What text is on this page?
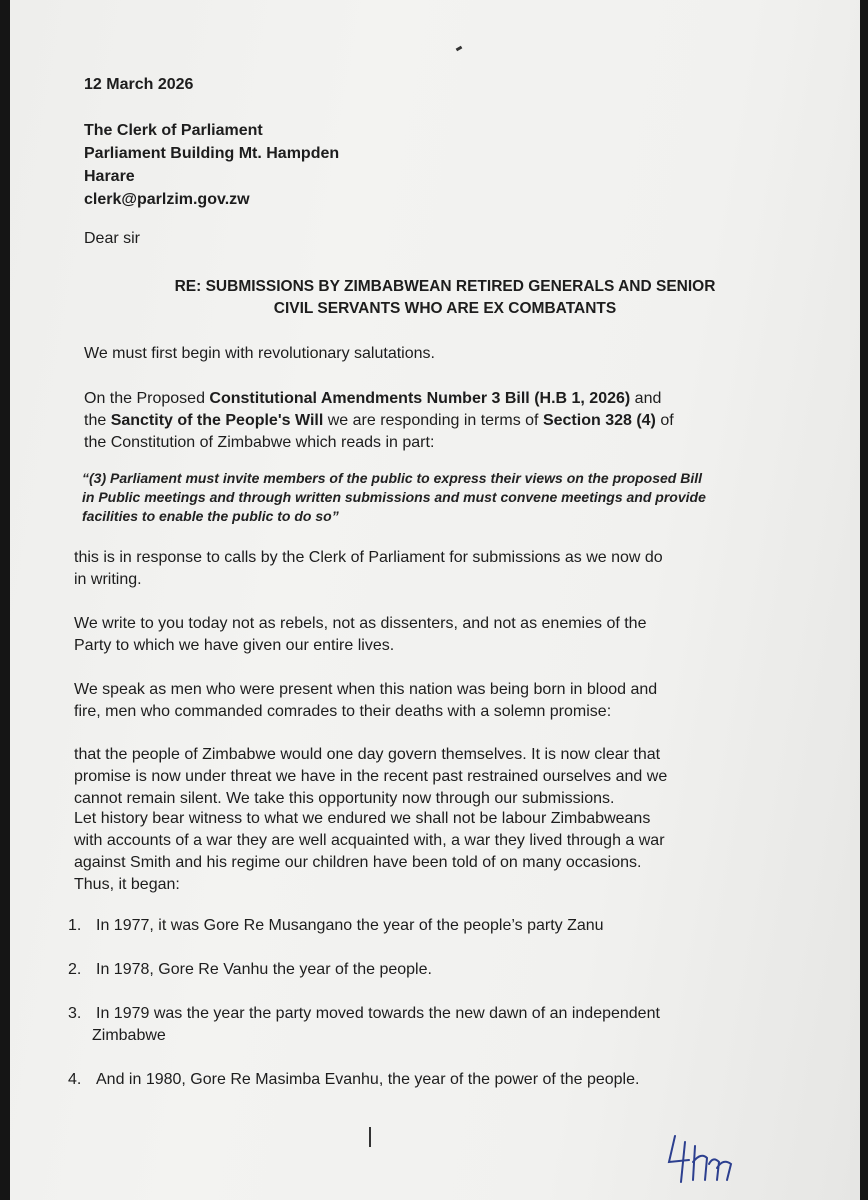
12 March 2026
The Clerk of Parliament
Parliament Building Mt. Hampden
Harare
clerk@parlzim.gov.zw
Dear sir
RE: SUBMISSIONS BY ZIMBABWEAN RETIRED GENERALS AND SENIOR
CIVIL SERVANTS WHO ARE EX COMBATANTS
We must first begin with revolutionary salutations.
On the Proposed Constitutional Amendments Number 3 Bill (H.B 1, 2026) and
the Sanctity of the People's Will we are responding in terms of Section 328 (4) of
the Constitution of Zimbabwe which reads in part:
“(3) Parliament must invite members of the public to express their views on the proposed Bill
in Public meetings and through written submissions and must convene meetings and provide
facilities to enable the public to do so”
this is in response to calls by the Clerk of Parliament for submissions as we now do
in writing.
We write to you today not as rebels, not as dissenters, and not as enemies of the
Party to which we have given our entire lives.
We speak as men who were present when this nation was being born in blood and
fire, men who commanded comrades to their deaths with a solemn promise:
that the people of Zimbabwe would one day govern themselves. It is now clear that
promise is now under threat we have in the recent past restrained ourselves and we
cannot remain silent. We take this opportunity now through our submissions.
Let history bear witness to what we endured we shall not be labour Zimbabweans
with accounts of a war they are well acquainted with, a war they lived through a war
against Smith and his regime our children have been told of on many occasions.
Thus, it began:
1. In 1977, it was Gore Re Musangano the year of the people’s party Zanu
2. In 1978, Gore Re Vanhu the year of the people.
3. In 1979 was the year the party moved towards the new dawn of an independent
Zimbabwe
4. And in 1980, Gore Re Masimba Evanhu, the year of the power of the people.
